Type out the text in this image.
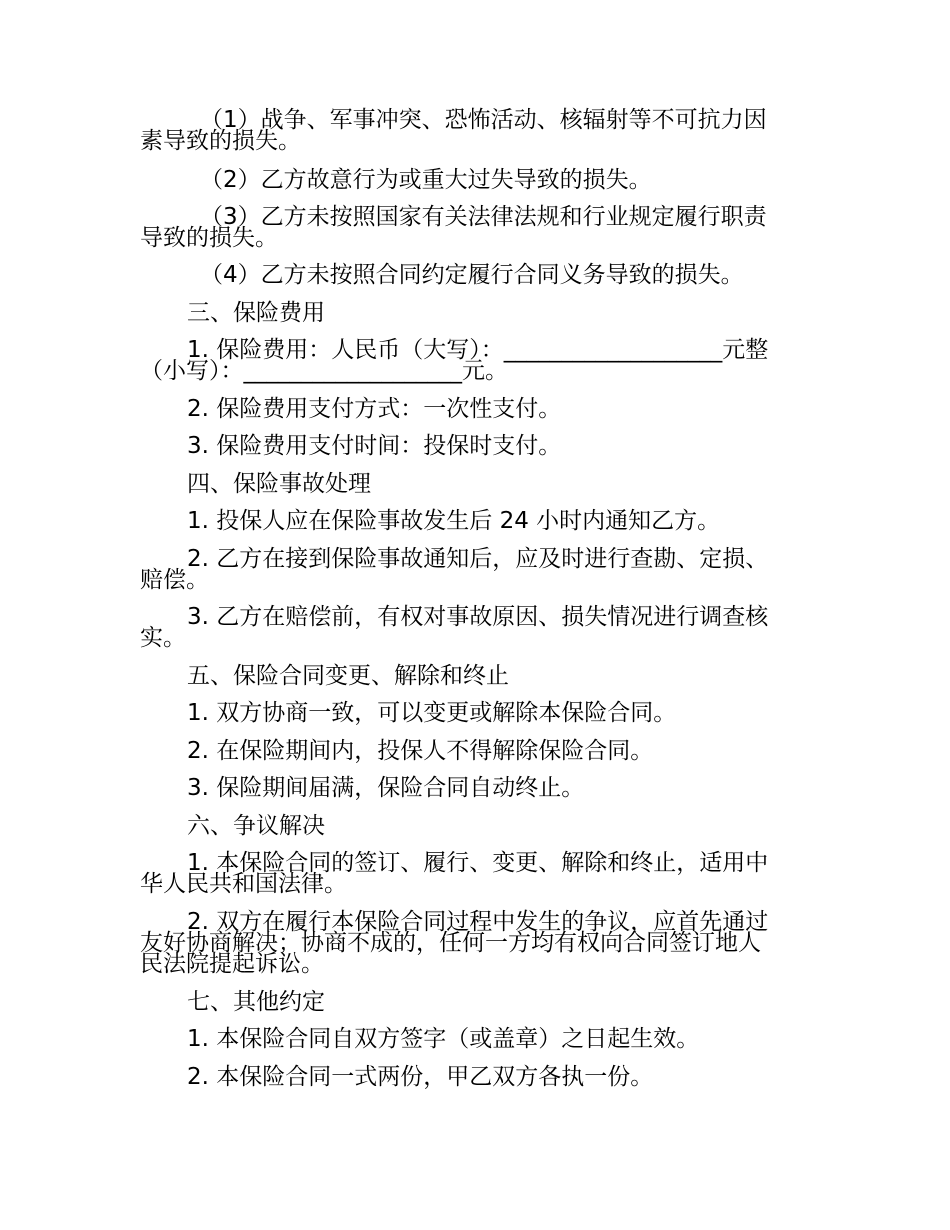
（1）战争、军事冲突、恐怖活动、核辐射等不可抗力因
素导致的损失。

（2）乙方故意行为或重大过失导致的损失。

（3）乙方未按照国家有关法律法规和行业规定履行职责
导致的损失。

（4）乙方未按照合同约定履行合同义务导致的损失。

三、保险费用

1. 保险费用：人民币（大写）：___________________元整
（小写）：___________________元。

2. 保险费用支付方式：一次性支付。

3. 保险费用支付时间：投保时支付。

四、保险事故处理

1. 投保人应在保险事故发生后 24 小时内通知乙方。

2. 乙方在接到保险事故通知后，应及时进行查勘、定损、
赔偿。

3. 乙方在赔偿前，有权对事故原因、损失情况进行调查核
实。

五、保险合同变更、解除和终止

1. 双方协商一致，可以变更或解除本保险合同。

2. 在保险期间内，投保人不得解除保险合同。

3. 保险期间届满，保险合同自动终止。

六、争议解决

1. 本保险合同的签订、履行、变更、解除和终止，适用中
华人民共和国法律。

2. 双方在履行本保险合同过程中发生的争议，应首先通过
友好协商解决；协商不成的，任何一方均有权向合同签订地人
民法院提起诉讼。

七、其他约定

1. 本保险合同自双方签字（或盖章）之日起生效。

2. 本保险合同一式两份，甲乙双方各执一份。
